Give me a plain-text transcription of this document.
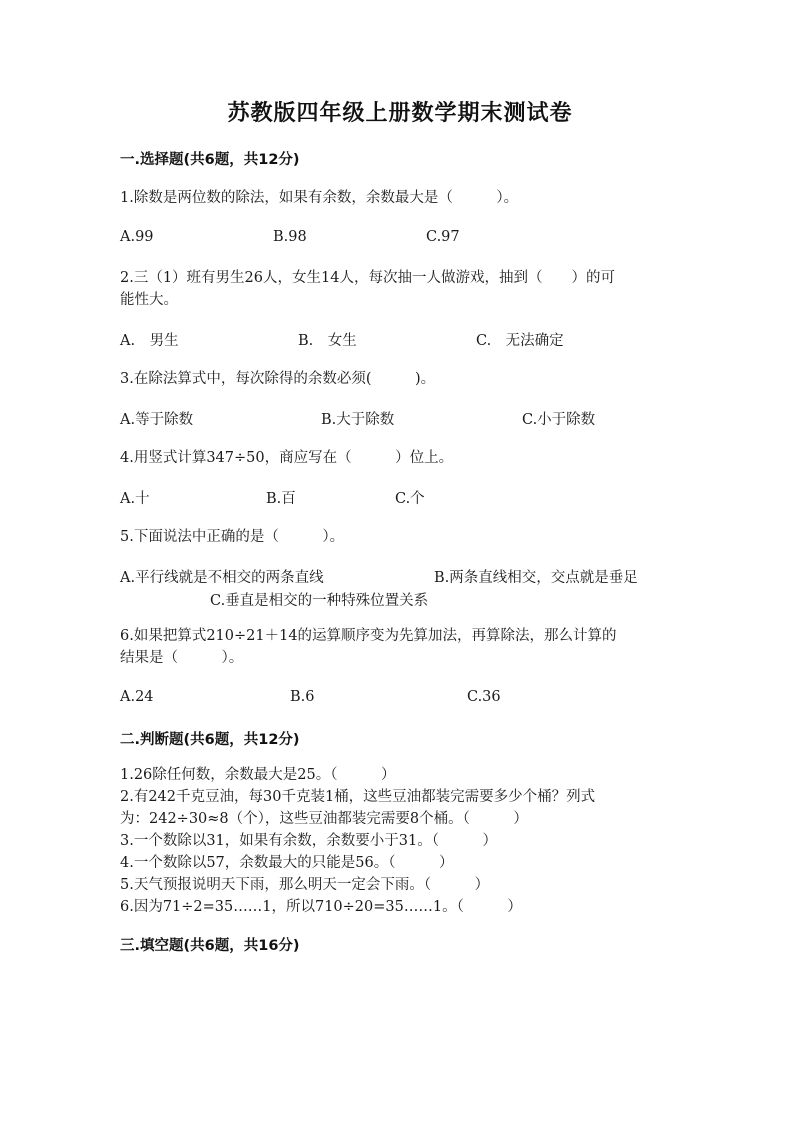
苏教版四年级上册数学期末测试卷
一.选择题(共6题，共12分)
1.除数是两位数的除法，如果有余数，余数最大是（　　　）。
A.99	B.98	C.97
2.三（1）班有男生26人，女生14人，每次抽一人做游戏，抽到（　　）的可
能性大。
A.　男生	B.　女生	C.　无法确定
3.在除法算式中，每次除得的余数必须(　　　)。
A.等于除数	B.大于除数	C.小于除数
4.用竖式计算347÷50，商应写在（　　　）位上。
A.十	B.百	C.个
5.下面说法中正确的是（　　　）。
A.平行线就是不相交的两条直线	B.两条直线相交，交点就是垂足
C.垂直是相交的一种特殊位置关系
6.如果把算式210÷21＋14的运算顺序变为先算加法，再算除法，那么计算的
结果是（　　　）。
A.24	B.6	C.36
二.判断题(共6题，共12分)
1.26除任何数，余数最大是25。（　　　）
2.有242千克豆油，每30千克装1桶，这些豆油都装完需要多少个桶？列式
为：242÷30≈8（个），这些豆油都装完需要8个桶。（　　　）
3.一个数除以31，如果有余数，余数要小于31。（　　　）
4.一个数除以57，余数最大的只能是56。（　　　）
5.天气预报说明天下雨，那么明天一定会下雨。（　　　）
6.因为71÷2=35……1，所以710÷20=35……1。（　　　）
三.填空题(共6题，共16分)
